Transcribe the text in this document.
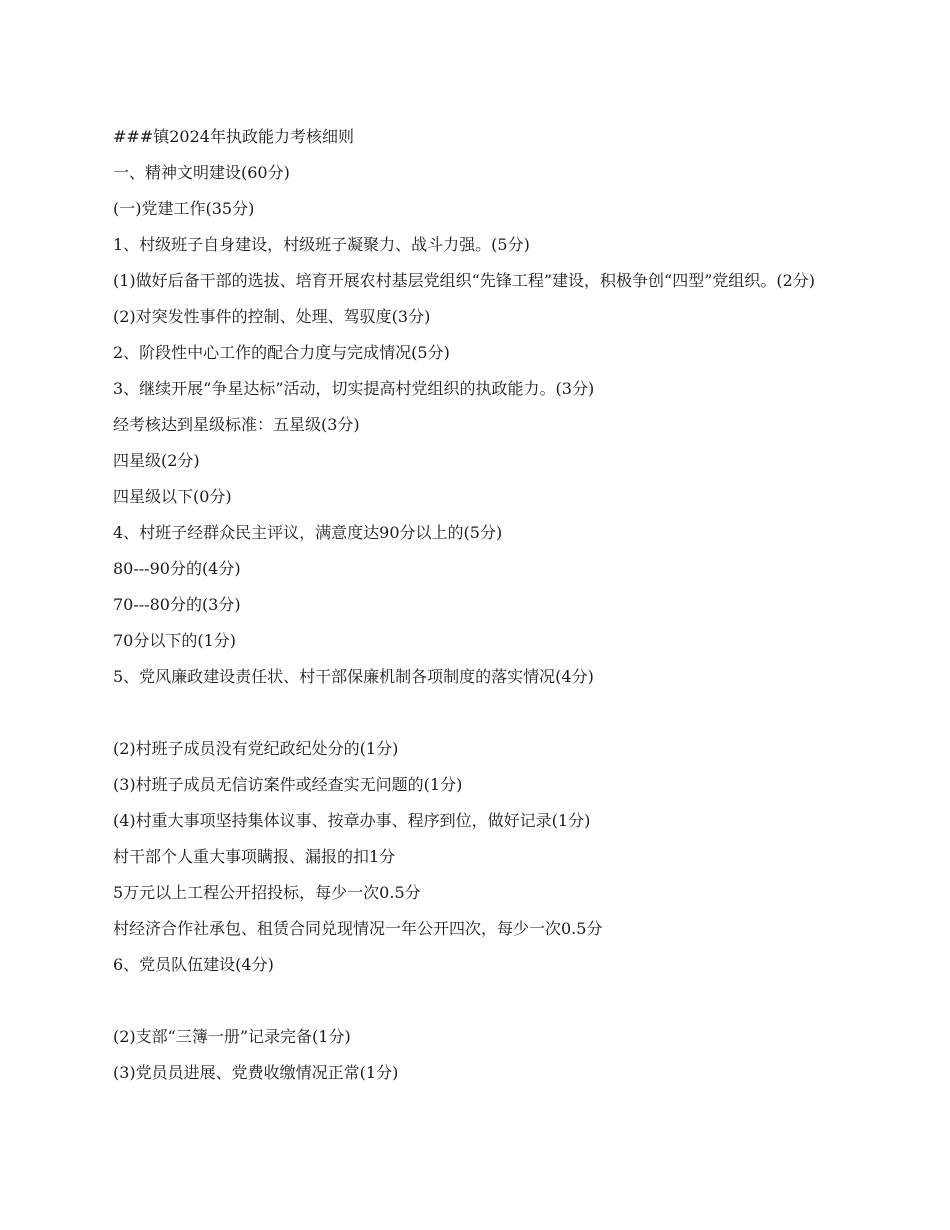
###镇2024年执政能力考核细则
一、精神文明建设(60分)
(一)党建工作(35分)
1、村级班子自身建设，村级班子凝聚力、战斗力强。(5分)
(1)做好后备干部的选拔、培育开展农村基层党组织“先锋工程”建设，积极争创“四型”党组织。(2分)
(2)对突发性事件的控制、处理、驾驭度(3分)
2、阶段性中心工作的配合力度与完成情况(5分)
3、继续开展“争星达标”活动，切实提高村党组织的执政能力。(3分)
经考核达到星级标准：五星级(3分)
四星级(2分)
四星级以下(0分)
4、村班子经群众民主评议，满意度达90分以上的(5分)
80---90分的(4分)
70---80分的(3分)
70分以下的(1分)
5、党风廉政建设责任状、村干部保廉机制各项制度的落实情况(4分)
(2)村班子成员没有党纪政纪处分的(1分)
(3)村班子成员无信访案件或经查实无问题的(1分)
(4)村重大事项坚持集体议事、按章办事、程序到位，做好记录(1分)
村干部个人重大事项瞒报、漏报的扣1分
5万元以上工程公开招投标，每少一次0.5分
村经济合作社承包、租赁合同兑现情况一年公开四次，每少一次0.5分
6、党员队伍建设(4分)
(2)支部“三簿一册”记录完备(1分)
(3)党员员进展、党费收缴情况正常(1分)
